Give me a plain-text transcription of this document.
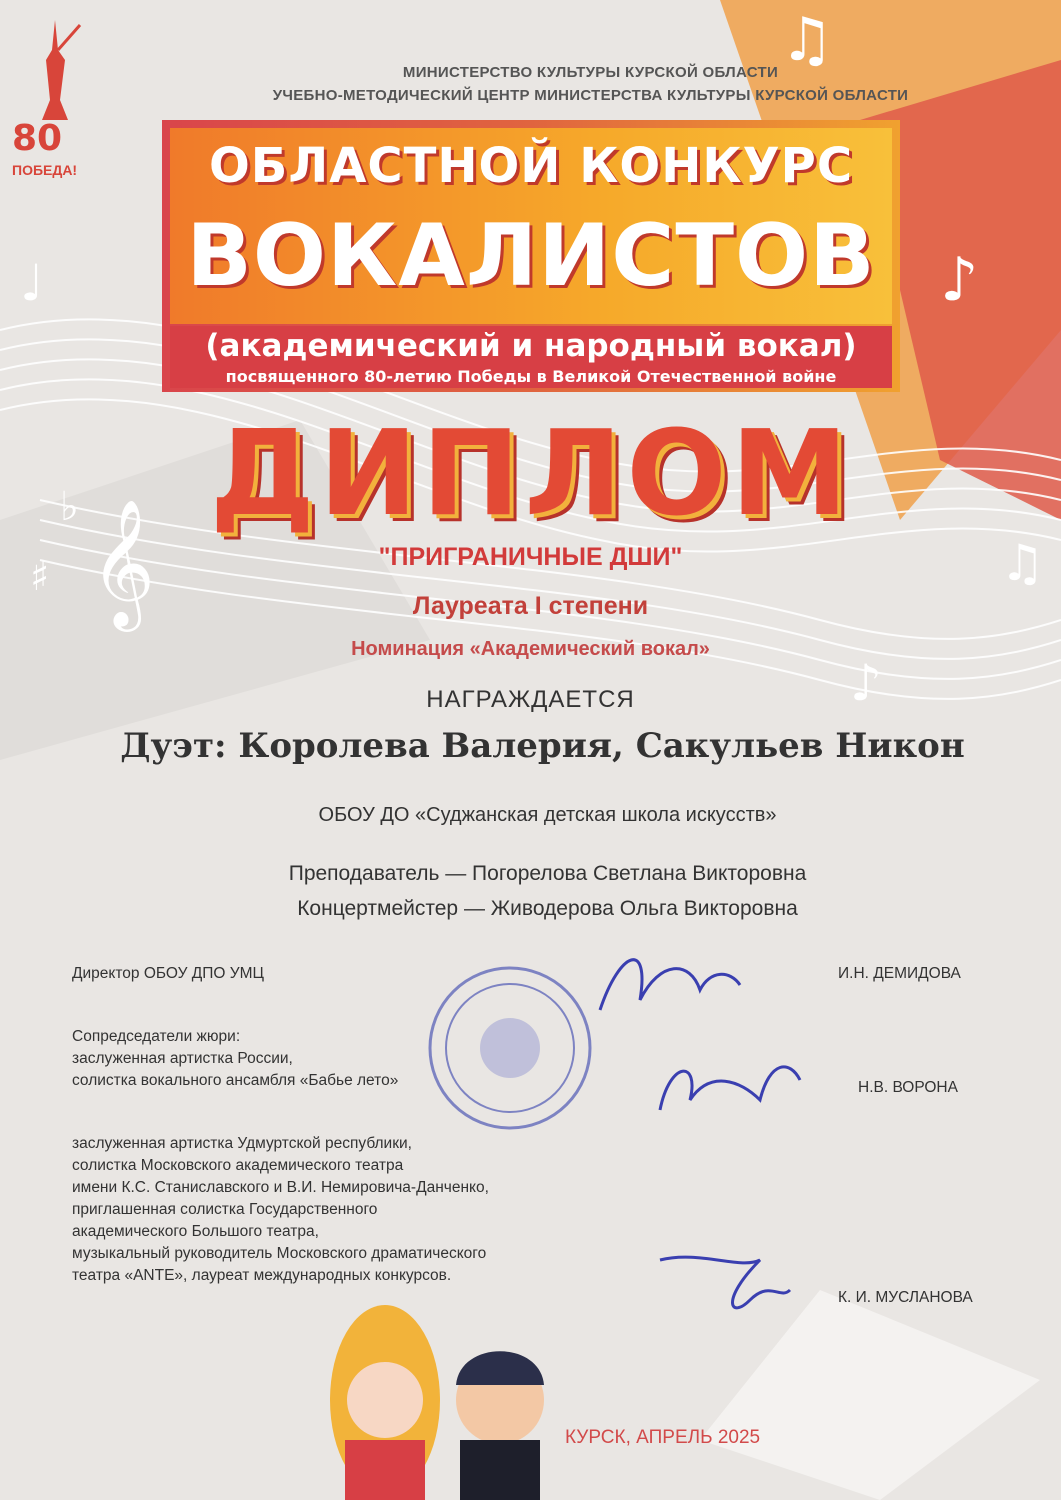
𝄞
♯
♭
♫
♪
♫
♪
♩
80
ПОБЕДА!
МИНИСТЕРСТВО КУЛЬТУРЫ КУРСКОЙ ОБЛАСТИ
УЧЕБНО-МЕТОДИЧЕСКИЙ ЦЕНТР МИНИСТЕРСТВА КУЛЬТУРЫ КУРСКОЙ ОБЛАСТИ
ОБЛАСТНОЙ КОНКУРС
ВОКАЛИСТОВ
(академический и народный вокал)
посвященного 80-летию Победы в Великой Отечественной войне
ДИПЛОМ
"ПРИГРАНИЧНЫЕ ДШИ"
Лауреата I степени
Номинация «Академический вокал»
НАГРАЖДАЕТСЯ
Дуэт: Королева Валерия, Сакульев Никон
ОБОУ ДО «Суджанская детская школа искусств»
Преподаватель — Погорелова Светлана Викторовна
Концертмейстер — Живодерова Ольга Викторовна
Директор ОБОУ ДПО УМЦ	И.Н. ДЕМИДОВА
Сопредседатели жюри:
заслуженная артистка России,
солистка вокального ансамбля «Бабье лето»	Н.В. ВОРОНА
заслуженная артистка Удмуртской республики,
солистка Московского академического театра
имени К.С. Станиславского и В.И. Немировича-Данченко,
приглашенная солистка Государственного
академического Большого театра,
музыкальный руководитель Московского драматического
театра «ANTE», лауреат международных конкурсов.
К. И. МУСЛАНОВА
КУРСК, АПРЕЛЬ 2025
